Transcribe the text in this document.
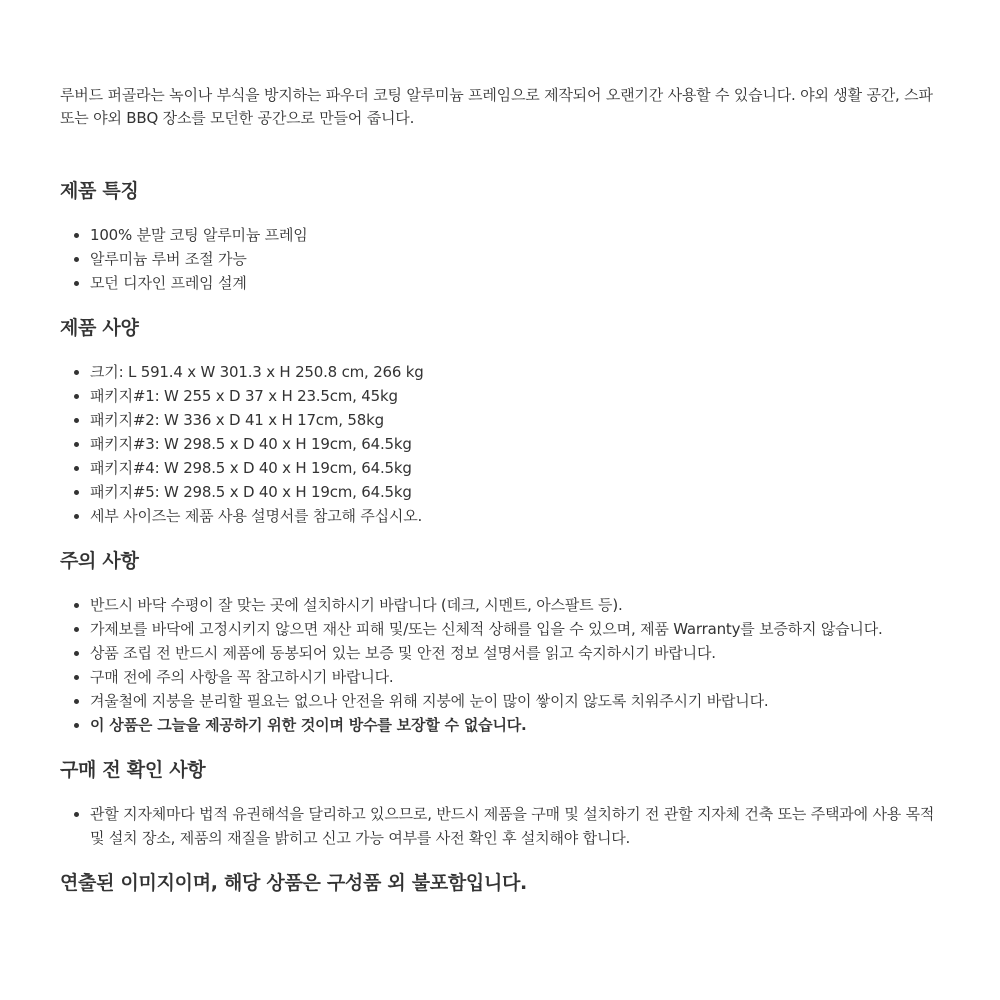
루버드 퍼골라는 녹이나 부식을 방지하는 파우더 코팅 알루미늄 프레임으로 제작되어 오랜기간 사용할 수 있습니다. 야외 생활 공간, 스파 또는 야외 BBQ 장소를 모던한 공간으로 만들어 줍니다.

제품 특징
• 100% 분말 코팅 알루미늄 프레임
• 알루미늄 루버 조절 가능
• 모던 디자인 프레임 설계
제품 사양
• 크기: L 591.4 x W 301.3 x H 250.8 cm, 266 kg
• 패키지#1: W 255 x D 37 x H 23.5cm, 45kg
• 패키지#2: W 336 x D 41 x H 17cm, 58kg
• 패키지#3: W 298.5 x D 40 x H 19cm, 64.5kg
• 패키지#4: W 298.5 x D 40 x H 19cm, 64.5kg
• 패키지#5: W 298.5 x D 40 x H 19cm, 64.5kg
• 세부 사이즈는 제품 사용 설명서를 참고해 주십시오.
주의 사항
• 반드시 바닥 수평이 잘 맞는 곳에 설치하시기 바랍니다 (데크, 시멘트, 아스팔트 등).
• 가제보를 바닥에 고정시키지 않으면 재산 피해 및/또는 신체적 상해를 입을 수 있으며, 제품 Warranty를 보증하지 않습니다.
• 상품 조립 전 반드시 제품에 동봉되어 있는 보증 및 안전 정보 설명서를 읽고 숙지하시기 바랍니다.
• 구매 전에 주의 사항을 꼭 참고하시기 바랍니다.
• 겨울철에 지붕을 분리할 필요는 없으나 안전을 위해 지붕에 눈이 많이 쌓이지 않도록 치워주시기 바랍니다.
• 이 상품은 그늘을 제공하기 위한 것이며 방수를 보장할 수 없습니다.
구매 전 확인 사항
• 관할 지자체마다 법적 유권해석을 달리하고 있으므로, 반드시 제품을 구매 및 설치하기 전 관할 지자체 건축 또는 주택과에 사용 목적 및 설치 장소, 제품의 재질을 밝히고 신고 가능 여부를 사전 확인 후 설치해야 합니다.

연출된 이미지이며, 해당 상품은 구성품 외 불포함입니다.
